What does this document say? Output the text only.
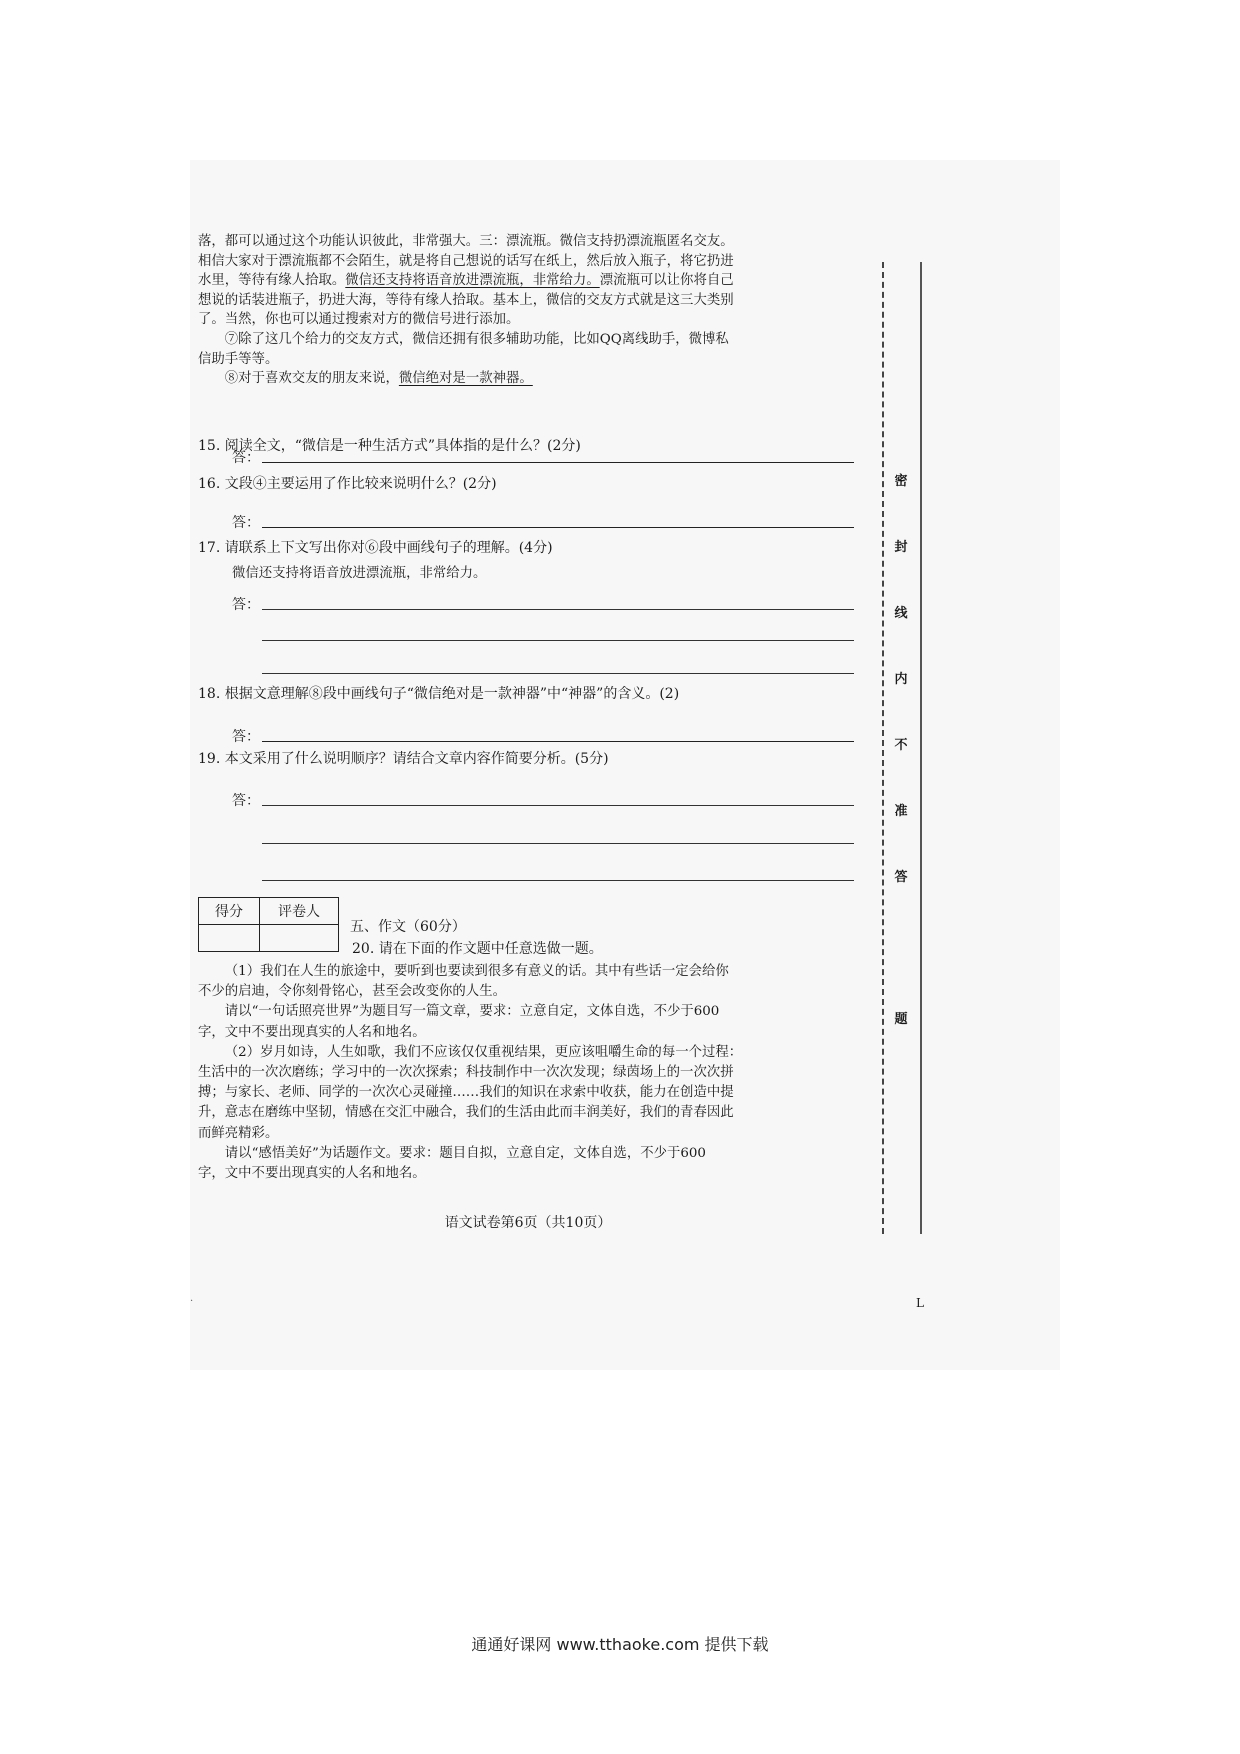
落，都可以通过这个功能认识彼此，非常强大。三：漂流瓶。微信支持扔漂流瓶匿名交友。

相信大家对于漂流瓶都不会陌生，就是将自己想说的话写在纸上，然后放入瓶子，将它扔进

水里，等待有缘人拾取。微信还支持将语音放进漂流瓶，非常给力。漂流瓶可以让你将自己

想说的话装进瓶子，扔进大海，等待有缘人拾取。基本上，微信的交友方式就是这三大类别

了。当然，你也可以通过搜索对方的微信号进行添加。

⑦除了这几个给力的交友方式，微信还拥有很多辅助功能，比如QQ离线助手，微博私

信助手等等。

⑧对于喜欢交友的朋友来说，微信绝对是一款神器。

15. 阅读全文，“微信是一种生活方式”具体指的是什么？(2分)
答：
16. 文段④主要运用了作比较来说明什么？(2分)
答：
17. 请联系上下文写出你对⑥段中画线句子的理解。(4分)
微信还支持将语音放进漂流瓶，非常给力。
答：
18. 根据文意理解⑧段中画线句子“微信绝对是一款神器”中“神器”的含义。(2)
答：
19. 本文采用了什么说明顺序？请结合文章内容作简要分析。(5分)
答：
得分	评卷人

五、作文（60分）
20. 请在下面的作文题中任意选做一题。

（1）我们在人生的旅途中，要听到也要读到很多有意义的话。其中有些话一定会给你

不少的启迪，令你刻骨铭心，甚至会改变你的人生。

请以“一句话照亮世界”为题目写一篇文章，要求：立意自定，文体自选，不少于600

字，文中不要出现真实的人名和地名。

（2）岁月如诗，人生如歌，我们不应该仅仅重视结果，更应该咀嚼生命的每一个过程：

生活中的一次次磨练；学习中的一次次探索；科技制作中一次次发现；绿茵场上的一次次拼

搏；与家长、老师、同学的一次次心灵碰撞……我们的知识在求索中收获，能力在创造中提

升，意志在磨练中坚韧，情感在交汇中融合，我们的生活由此而丰润美好，我们的青春因此

而鲜亮精彩。

请以“感悟美好”为话题作文。要求：题目自拟，立意自定，文体自选，不少于600

字，文中不要出现真实的人名和地名。

语文试卷第6页（共10页）
密
封
线
内
不
准
答
题
L
·
通通好课网 www.tthaoke.com 提供下载
